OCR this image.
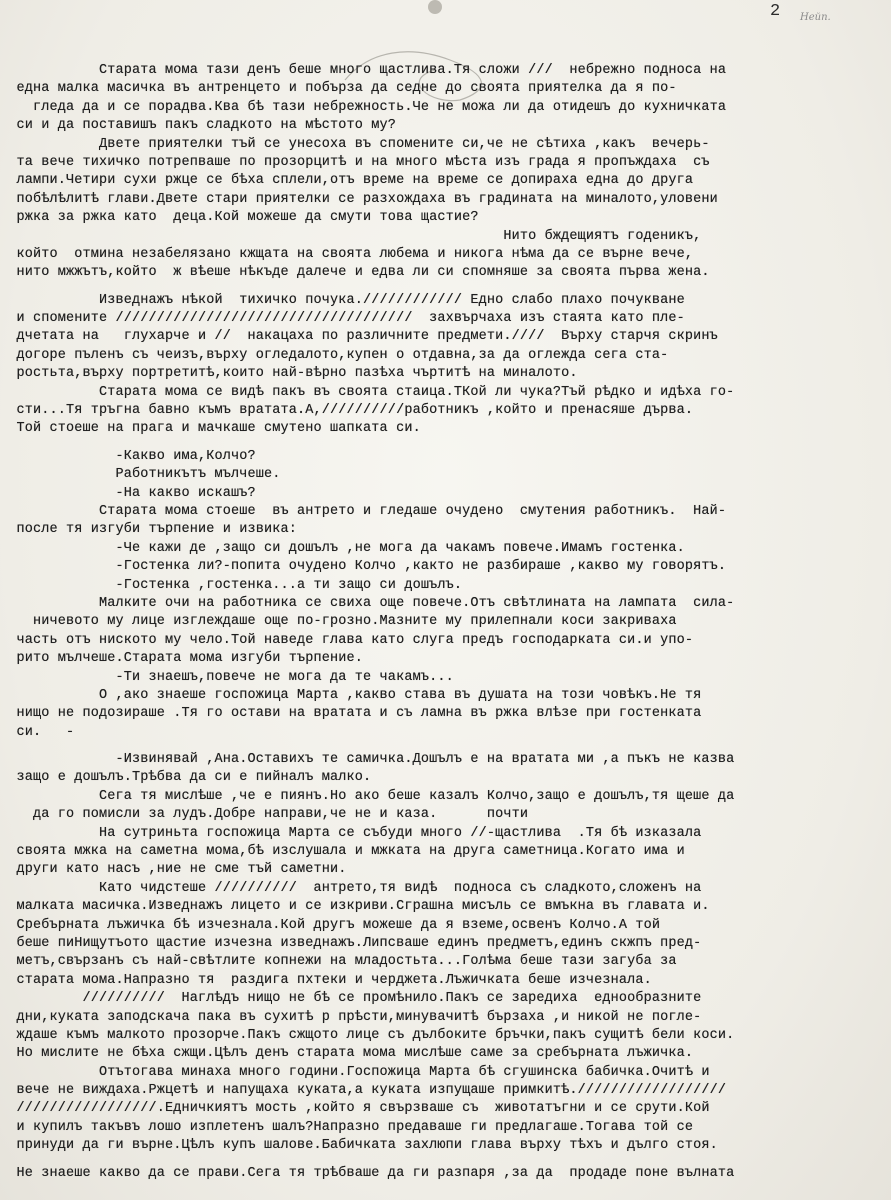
2 Нейп.
Старата мома тази денъ беше много щастлива.Тя сложи ///  небрежно подноса на
една малка масичка въ антренцето и побърза да седне до своята приятелка да я по-
гледа да и се порадва.Ква бѣ тази небрежность.Че не можа ли да отидешъ до кухничката
си и да поставишъ пакъ сладкото на мѣстото му?
Двете приятелки тъй се унесоха въ спомените си,че не сѣтиха ,какъ  вечерь-
та вече тихичко потрепваше по прозорцитѣ и на много мѣста изъ града я пропъждаха  съ
лампи.Четири сухи ржце се бѣха сплели,отъ време на време се допираха една до друга
побѣлѣлитѣ глави.Двете стари приятелки се разхождаха въ градината на миналото,уловени
ржка за ржка като  деца.Кой можеше да смути това щастие?
Нито бждещиятъ годеникъ,
който  отмина незабелязано кжщата на своята любема и никога нѣма да се върне вече,
нито мжжътъ,който  ж вѣеше нѣкъде далече и едва ли си спомняше за своята първа жена.
Изведнажъ нѣкой  тихичко почука.//////////// Едно слабо плахо почукване
и спомените ////////////////////////////////////  захвърчаха изъ стаята като пле-
дчетата на   глухарче и //  накацаха по различните предмети.////  Върху старчя скринъ
догоре пъленъ съ чеизъ,върху огледалото,купен о отдавна,за да оглежда сега ста-
ростьта,върху портретитѣ,които най-вѣрно пазѣха чъртитѣ на миналото.
Старата мома се видѣ пакъ въ своята стаица.ТКой ли чука?Тъй рѣдко и идѣха го-
сти...Тя тръгна бавно къмъ вратата.А,//////////работникъ ,който и пренасяше дърва.
Той стоеше на прага и мачкаше смутено шапката си.
-Какво има,Колчо?
Работникътъ мълчеше.
-На какво искашъ?
Старата мома стоеше  въ антрето и гледаше очудено  смутения работникъ.  Най-
после тя изгуби търпение и извика:
-Че кажи де ,защо си дошълъ ,не мога да чакамъ повече.Имамъ гостенка.
-Гостенка ли?-попита очудено Колчо ,както не разбираше ,какво му говорятъ.
-Гостенка ,гостенка...а ти защо си дошълъ.
Малките очи на работника се свиха още повече.Отъ свѣтлината на лампата  сила-
ничевото му лице изглеждаше още по-грозно.Мазните му прилепнали коси закриваха
часть отъ ниското му чело.Той наведе глава като слуга предъ господарката си.и упо-
рито мълчеше.Старата мома изгуби търпение.
-Ти знаешъ,повече не мога да те чакамъ...
О ,ако знаеше госпожица Марта ,какво става въ душата на този човѣкъ.Не тя
нищо не подозираше .Тя го остави на вратата и съ ламна въ ржка влѣзе при гостенката
си.   -
-Извинявай ,Ана.Оставихъ те самичка.Дошълъ е на вратата ми ,а пъкъ не казва
защо е дошълъ.Трѣбва да си е пийналъ малко.
Сега тя мислѣше ,че е пиянъ.Но ако беше казалъ Колчо,защо е дошълъ,тя щеше да
да го помисли за лудъ.Добре направи,че не и каза.      почти
На сутриньта госпожица Марта се събуди много //-щастлива  .Тя бѣ изказала
своята мжка на саметна мома,бѣ изслушала и мжката на друга саметница.Когато има и
други като насъ ,ние не сме тъй саметни.
Като чидстеше //////////  антрето,тя видѣ  подноса съ сладкото,сложенъ на
малката масичка.Изведнажъ лицето и се изкриви.Сграшна мисъль се вмъкна въ главата и.
Сребърната лъжичка бѣ изчезнала.Кой другъ можеше да я вземе,освенъ Колчо.А той
беше пиНищутъото щастие изчезна изведнажъ.Липсваше единъ предметъ,единъ скжпъ пред-
метъ,свързанъ съ най-свѣтлите копнежи на младостьта...Голѣма беше тази загуба за
старата мома.Напразно тя  раздига пхтеки и черджета.Лъжичката беше изчезнала.
//////////  Наглѣдъ нищо не бѣ се промѣнило.Пакъ се заредиха  еднообразните
дни,куката заподскача пака въ сухитѣ р прѣсти,минувачитѣ бързаха ,и никой не погле-
ждаше къмъ малкото прозорче.Пакъ сжщото лице съ дълбоките бръчки,пакъ сущитѣ бели коси.
Но мислите не бѣха сжщи.Цѣлъ денъ старата мома мислѣше саме за сребърната лъжичка.
Отътогава минаха много години.Госпожица Марта бѣ сгушинска бабичка.Очитѣ и
вече не виждаха.Ржцетѣ и напущаха куката,а куката изпущаше примкитѣ.//////////////////
/////////////////.Едничкиятъ мость ,който я свързваше съ  животатъгни и се срути.Кой
и купилъ такъвъ лошо изплетенъ шалъ?Напразно предаваше ги предлагаше.Тогава той се
принуди да ги върне.Цѣлъ купъ шалове.Бабичката захлюпи глава върху тѣхъ и дълго стоя.
Не знаеше какво да се прави.Сега тя трѣбваше да ги разпаря ,за да  продаде поне вълната
